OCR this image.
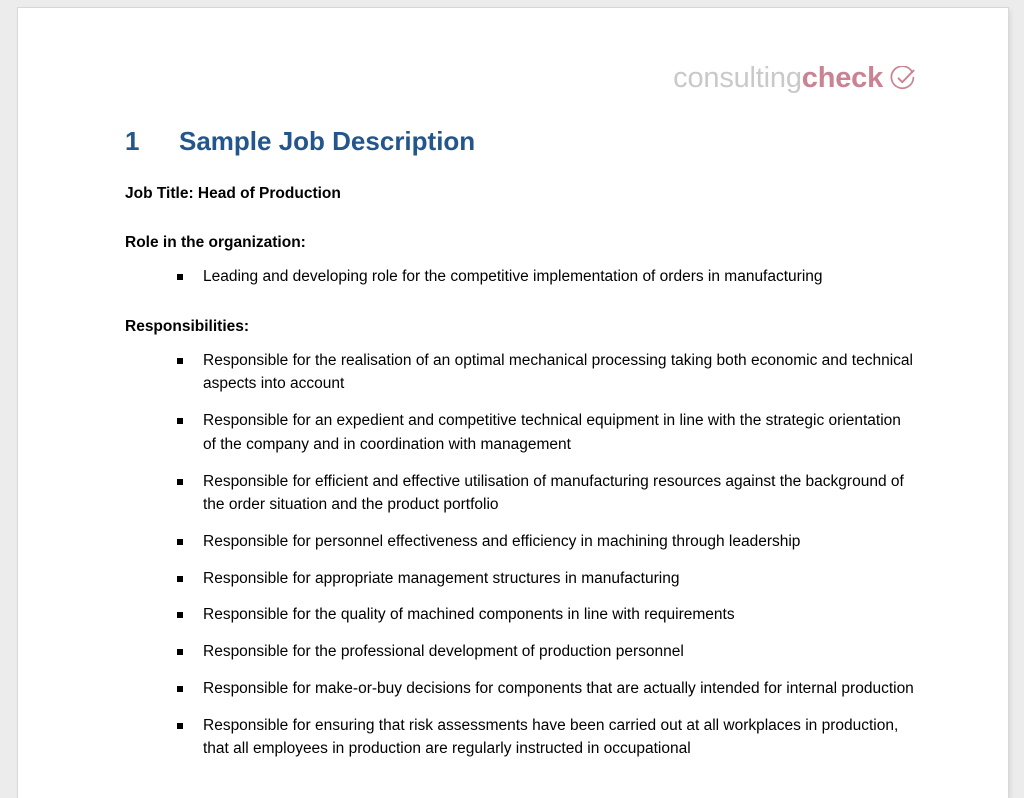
consulting check
1	Sample Job Description

Job Title: Head of Production

Role in the organization:

Leading and developing role for the competitive implementation of orders in manufacturing

Responsibilities:

Responsible for the realisation of an optimal mechanical processing taking both economic and technical aspects into account
Responsible for an expedient and competitive technical equipment in line with the strategic orientation of the company and in coordination with management
Responsible for efficient and effective utilisation of manufacturing resources against the background of the order situation and the product portfolio
Responsible for personnel effectiveness and efficiency in machining through leadership
Responsible for appropriate management structures in manufacturing
Responsible for the quality of machined components in line with requirements
Responsible for the professional development of production personnel
Responsible for make-or-buy decisions for components that are actually intended for internal production
Responsible for ensuring that risk assessments have been carried out at all workplaces in production, that all employees in production are regularly instructed in occupational
